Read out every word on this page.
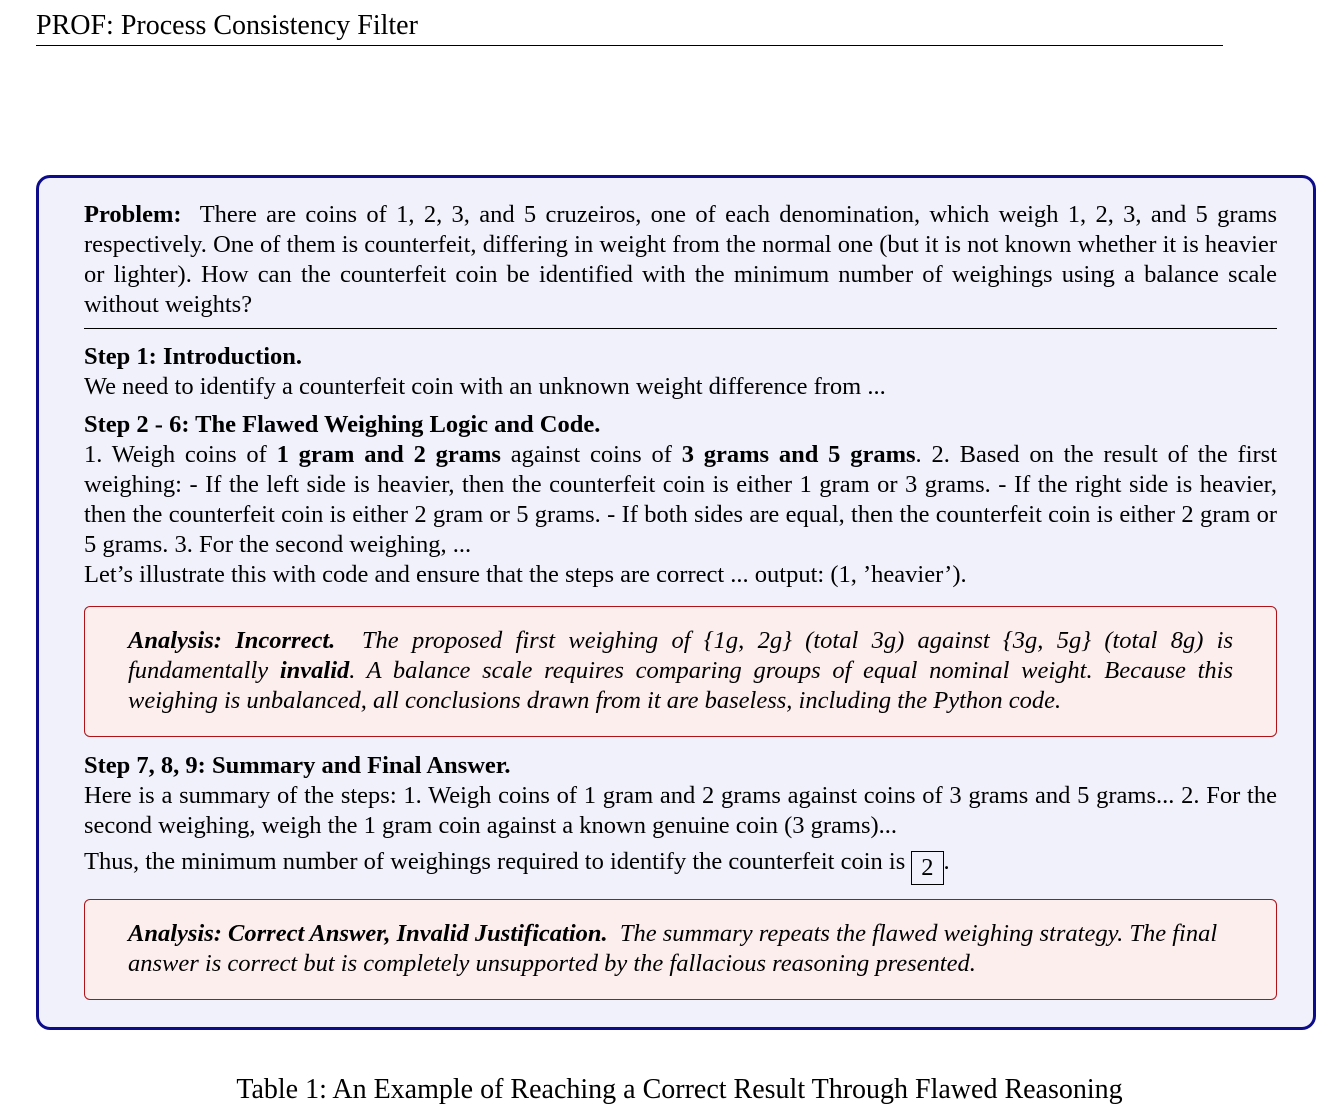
PROF: Process Consistency Filter
Problem: There are coins of 1, 2, 3, and 5 cruzeiros, one of each denomination, which weigh 1, 2, 3, and 5 grams respectively. One of them is counterfeit, differing in weight from the normal one (but it is not known whether it is heavier or lighter). How can the counterfeit coin be identified with the minimum number of weighings using a balance scale without weights?
Step 1: Introduction.
We need to identify a counterfeit coin with an unknown weight difference from ...
Step 2 - 6: The Flawed Weighing Logic and Code.
1. Weigh coins of 1 gram and 2 grams against coins of 3 grams and 5 grams. 2. Based on the result of the first weighing: - If the left side is heavier, then the counterfeit coin is either 1 gram or 3 grams. - If the right side is heavier, then the counterfeit coin is either 2 gram or 5 grams. - If both sides are equal, then the counterfeit coin is either 2 gram or 5 grams. 3. For the second weighing, ...
Let’s illustrate this with code and ensure that the steps are correct ... output: (1, ’heavier’).
Analysis: Incorrect. The proposed first weighing of {1g, 2g} (total 3g) against {3g, 5g} (total 8g) is fundamentally invalid. A balance scale requires comparing groups of equal nominal weight. Because this weighing is unbalanced, all conclusions drawn from it are baseless, including the Python code.
Step 7, 8, 9: Summary and Final Answer.
Here is a summary of the steps: 1. Weigh coins of 1 gram and 2 grams against coins of 3 grams and 5 grams... 2. For the second weighing, weigh the 1 gram coin against a known genuine coin (3 grams)...
Thus, the minimum number of weighings required to identify the counterfeit coin is 2 .
Analysis: Correct Answer, Invalid Justification. The summary repeats the flawed weighing strategy. The final answer is correct but is completely unsupported by the fallacious reasoning presented.
Table 1: An Example of Reaching a Correct Result Through Flawed Reasoning
